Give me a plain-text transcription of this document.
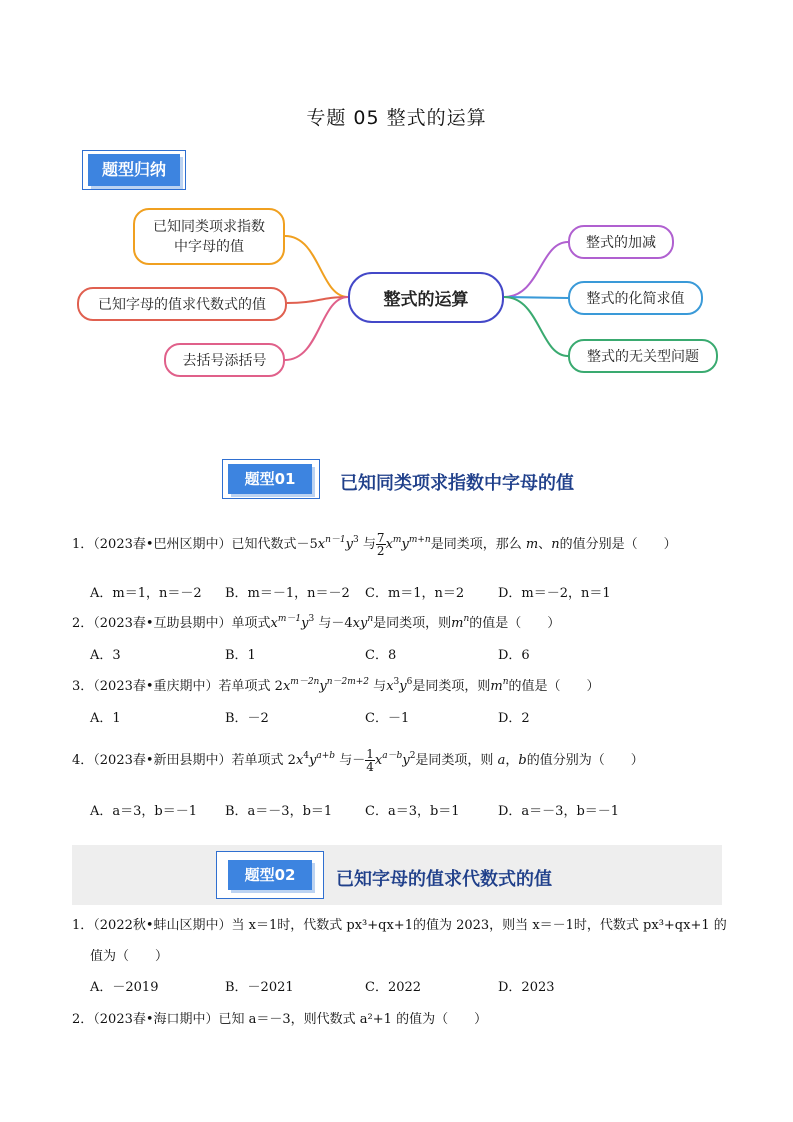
专题 05 整式的运算
题型归纳
整式的运算
已知同类项求指数中字母的值
已知字母的值求代数式的值
去括号添括号
整式的加减
整式的化简求值
整式的无关型问题
题型01	已知同类项求指数中字母的值
1．（2023春•巴州区期中）已知代数式$-5x^{n-1}y^3$ 与 $\frac{7}{2} x^my^{m+n}$是同类项，那么 m、n的值分别是（　　）
A．m＝1，n＝－2 B．m＝－1，n＝－2 C．m＝1，n＝2	D．m＝－2，n＝1
2．（2023春•互助县期中）单项式$x^{m-1}y^3$ 与$-4xy^n$是同类项，则$m^n$的值是（　　）
A．3	B．1	C．8	D．6
3．（2023春•重庆期中）若单项式 $2x^{m-2n}y^{n-2m+2}$ 与$x^3y^6$是同类项，则$m^n$的值是（　　）
A．1	B．－2	C．－1	D．2
4．（2023春•新田县期中）若单项式 $2x^4y^{a+b}$ 与－ $\frac{1}{4} x^{a-b}y^2$是同类项，则 a，b的值分别为（　　）
A．a＝3，b＝－1 B．a＝－3，b＝1	C．a＝3，b＝1	D．a＝－3，b＝－1
题型02	已知字母的值求代数式的值
1．（2022秋•蚌山区期中）当 x＝1时，代数式 px³+qx+1的值为 2023，则当 x＝－1时，代数式 px³+qx+1 的
值为（　　）
A．－2019	B．－2021	C．2022	D．2023
2．（2023春•海口期中）已知 a＝－3，则代数式 a²+1 的值为（　　）
